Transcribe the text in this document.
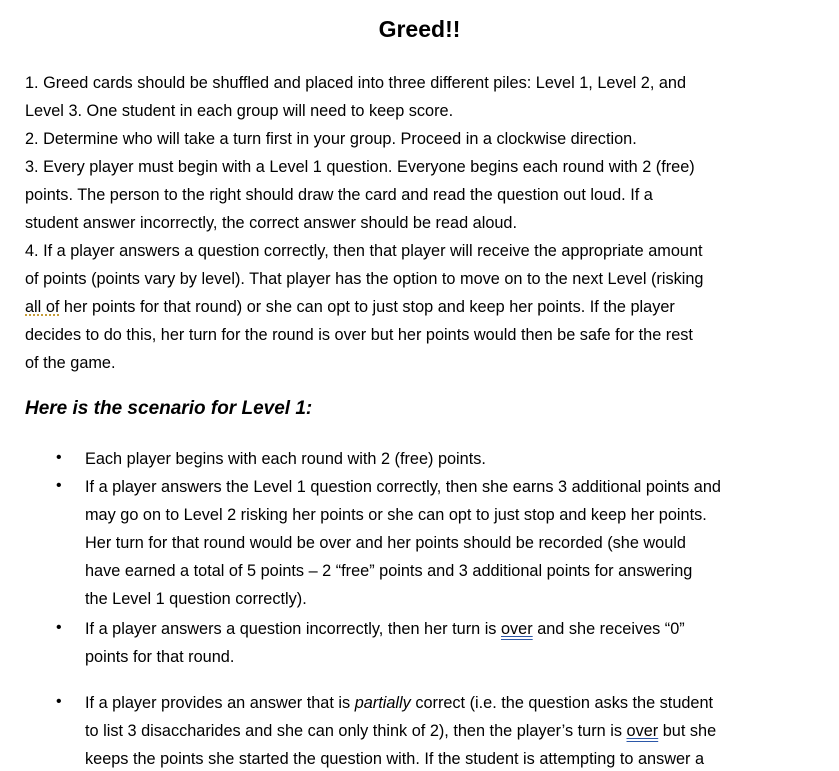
Greed!!
1. Greed cards should be shuffled and placed into three different piles: Level 1, Level 2, and
Level 3. One student in each group will need to keep score.
2. Determine who will take a turn first in your group. Proceed in a clockwise direction.
3. Every player must begin with a Level 1 question. Everyone begins each round with 2 (free)
points. The person to the right should draw the card and read the question out loud. If a
student answer incorrectly, the correct answer should be read aloud.
4. If a player answers a question correctly, then that player will receive the appropriate amount
of points (points vary by level). That player has the option to move on to the next Level (risking
all of her points for that round) or she can opt to just stop and keep her points. If the player
decides to do this, her turn for the round is over but her points would then be safe for the rest
of the game.
Here is the scenario for Level 1:
• Each player begins with each round with 2 (free) points.
• If a player answers the Level 1 question correctly, then she earns 3 additional points and
may go on to Level 2 risking her points or she can opt to just stop and keep her points.
Her turn for that round would be over and her points should be recorded (she would
have earned a total of 5 points – 2 “free” points and 3 additional points for answering
the Level 1 question correctly).
• If a player answers a question incorrectly, then her turn is over and she receives “0”
points for that round.
• If a player provides an answer that is partially correct (i.e. the question asks the student
to list 3 disaccharides and she can only think of 2), then the player’s turn is over but she
keeps the points she started the question with. If the student is attempting to answer a
